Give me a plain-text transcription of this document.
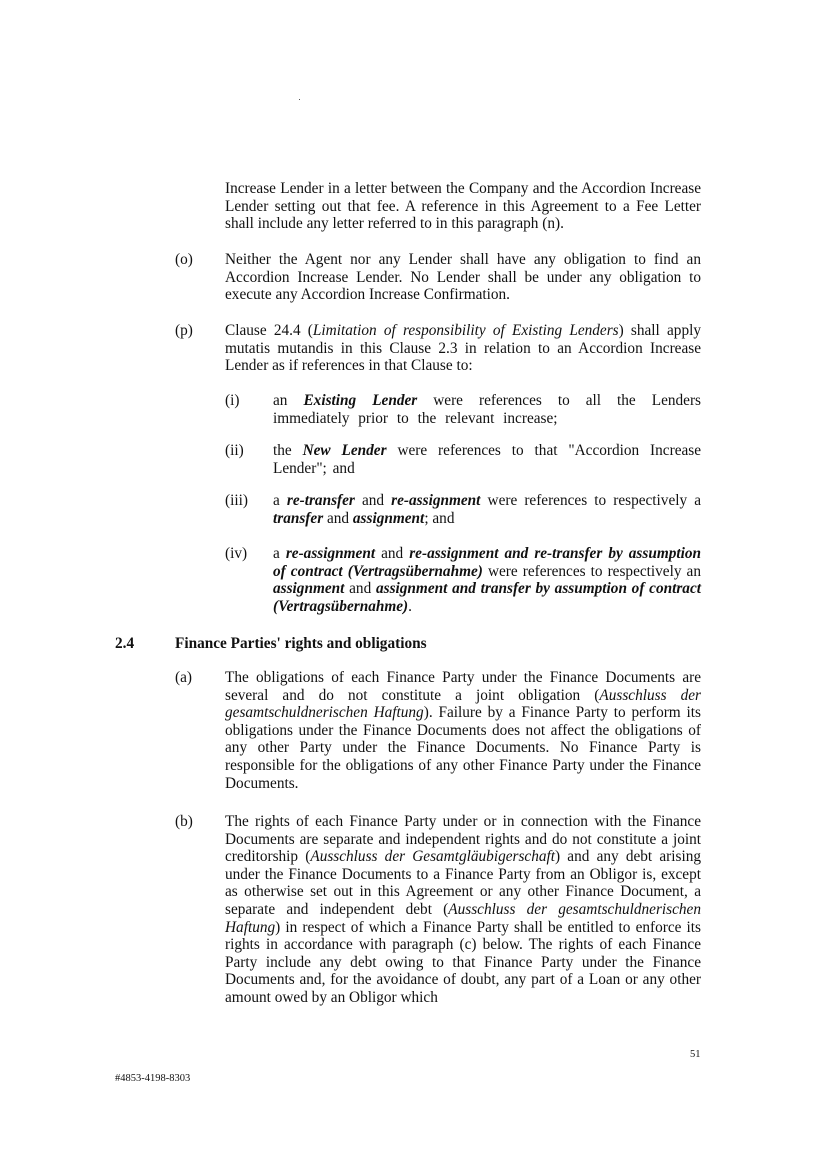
Increase Lender in a letter between the Company and the Accordion Increase Lender setting out that fee. A reference in this Agreement to a Fee Letter shall include any letter referred to in this paragraph (n).
(o) Neither the Agent nor any Lender shall have any obligation to find an Accordion Increase Lender. No Lender shall be under any obligation to execute any Accordion Increase Confirmation.
(p) Clause 24.4 (Limitation of responsibility of Existing Lenders) shall apply mutatis mutandis in this Clause 2.3 in relation to an Accordion Increase Lender as if references in that Clause to:
(i) an Existing Lender were references to all the Lenders immediately prior to the relevant increase;
(ii) the New Lender were references to that "Accordion Increase Lender"; and
(iii) a re-transfer and re-assignment were references to respectively a transfer and assignment; and
(iv) a re-assignment and re-assignment and re-transfer by assumption of contract (Vertragsübernahme) were references to respectively an assignment and assignment and transfer by assumption of contract (Vertragsübernahme).
2.4	Finance Parties' rights and obligations
(a) The obligations of each Finance Party under the Finance Documents are several and do not constitute a joint obligation (Ausschluss der gesamtschuldnerischen Haftung). Failure by a Finance Party to perform its obligations under the Finance Documents does not affect the obligations of any other Party under the Finance Documents. No Finance Party is responsible for the obligations of any other Finance Party under the Finance Documents.
(b) The rights of each Finance Party under or in connection with the Finance Documents are separate and independent rights and do not constitute a joint creditorship (Ausschluss der Gesamtgläubigerschaft) and any debt arising under the Finance Documents to a Finance Party from an Obligor is, except as otherwise set out in this Agreement or any other Finance Document, a separate and independent debt (Ausschluss der gesamtschuldnerischen Haftung) in respect of which a Finance Party shall be entitled to enforce its rights in accordance with paragraph (c) below. The rights of each Finance Party include any debt owing to that Finance Party under the Finance Documents and, for the avoidance of doubt, any part of a Loan or any other amount owed by an Obligor which
51
#4853-4198-8303
